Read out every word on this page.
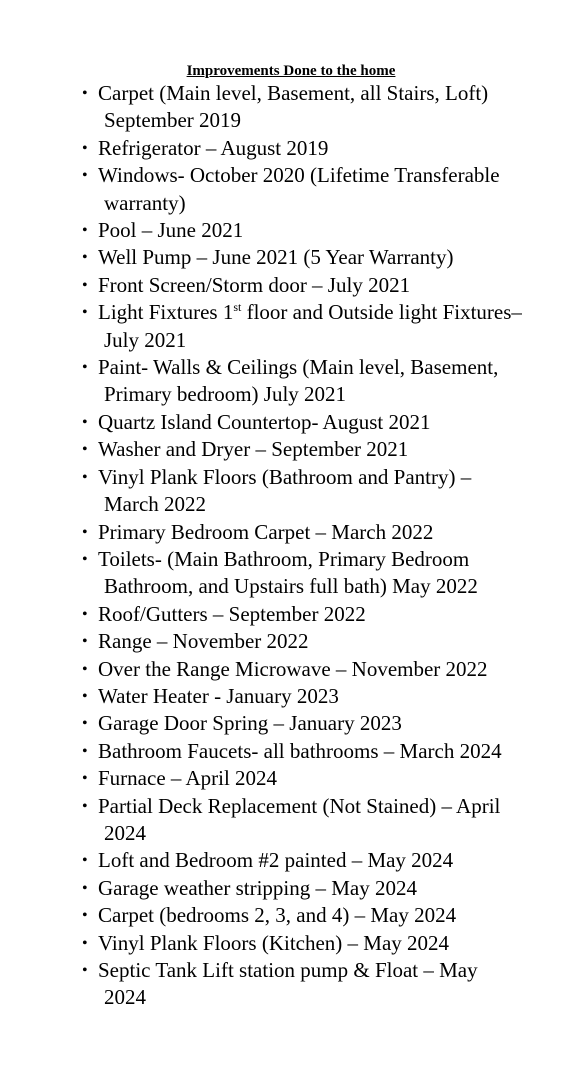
Improvements Done to the home
• Carpet (Main level, Basement, all Stairs, Loft) September 2019
• Refrigerator – August 2019
• Windows- October 2020 (Lifetime Transferable warranty)
• Pool – June 2021
• Well Pump – June 2021 (5 Year Warranty)
• Front Screen/Storm door – July 2021
• Light Fixtures 1st floor and Outside light Fixtures– July 2021
• Paint- Walls & Ceilings (Main level, Basement, Primary bedroom) July 2021
• Quartz Island Countertop- August 2021
• Washer and Dryer – September 2021
• Vinyl Plank Floors (Bathroom and Pantry) – March 2022
• Primary Bedroom Carpet – March 2022
• Toilets- (Main Bathroom, Primary Bedroom Bathroom, and Upstairs full bath) May 2022
• Roof/Gutters – September 2022
• Range – November 2022
• Over the Range Microwave – November 2022
• Water Heater - January 2023
• Garage Door Spring – January 2023
• Bathroom Faucets- all bathrooms – March 2024
• Furnace – April 2024
• Partial Deck Replacement (Not Stained) – April 2024
• Loft and Bedroom #2 painted – May 2024
• Garage weather stripping – May 2024
• Carpet (bedrooms 2, 3, and 4) – May 2024
• Vinyl Plank Floors (Kitchen) – May 2024
• Septic Tank Lift station pump & Float – May 2024
